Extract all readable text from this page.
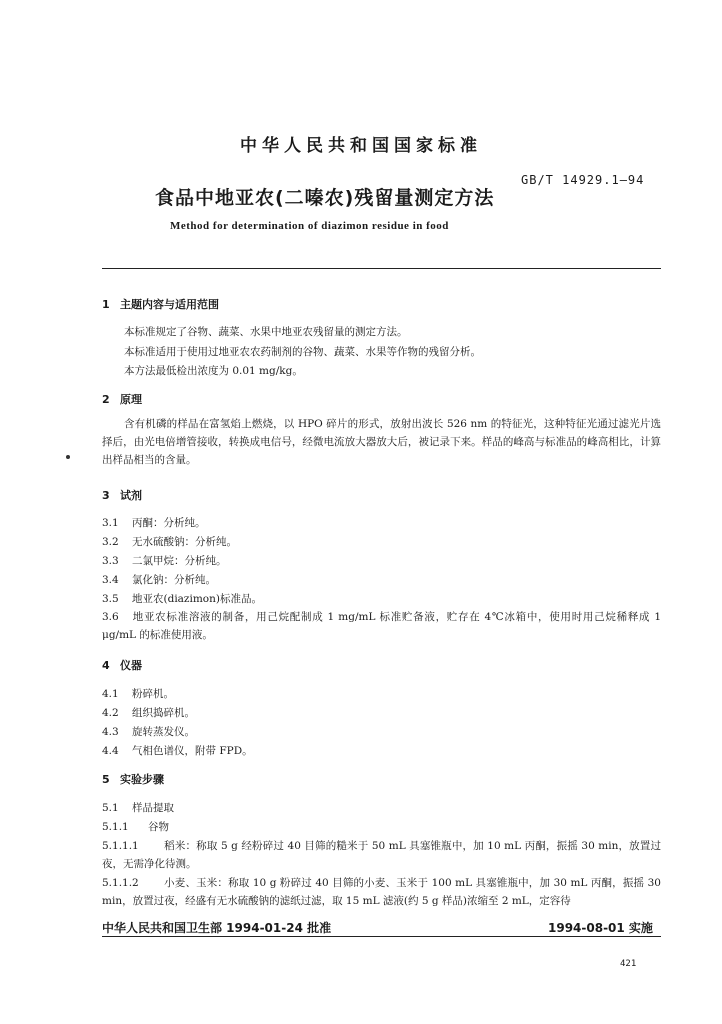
中华人民共和国国家标准
GB/T 14929.1—94
食品中地亚农(二嗪农)残留量测定方法
Method for determination of diazimon residue in food
1 主题内容与适用范围
本标准规定了谷物、蔬菜、水果中地亚农残留量的测定方法。
本标准适用于使用过地亚农农药制剂的谷物、蔬菜、水果等作物的残留分析。
本方法最低检出浓度为 0.01 mg/kg。
2 原理
含有机磷的样品在富氢焰上燃烧，以 HPO 碎片的形式，放射出波长 526 nm 的特征光，这种特征光通过滤光片选择后，由光电倍增管接收，转换成电信号，经微电流放大器放大后，被记录下来。样品的峰高与标准品的峰高相比，计算出样品相当的含量。
3 试剂
3.1 丙酮：分析纯。
3.2 无水硫酸钠：分析纯。
3.3 二氯甲烷：分析纯。
3.4 氯化钠：分析纯。
3.5 地亚农(diazimon)标准品。
3.6 地亚农标准溶液的制备，用己烷配制成 1 mg/mL 标准贮备液，贮存在 4℃冰箱中，使用时用己烷稀释成 1 μg/mL 的标准使用液。
4 仪器
4.1 粉碎机。
4.2 组织捣碎机。
4.3 旋转蒸发仪。
4.4 气相色谱仪，附带 FPD。
5 实验步骤
5.1 样品提取
5.1.1 谷物
5.1.1.1 稻米：称取 5 g 经粉碎过 40 目筛的糙米于 50 mL 具塞锥瓶中，加 10 mL 丙酮，振摇 30 min，放置过夜，无需净化待测。
5.1.1.2 小麦、玉米：称取 10 g 粉碎过 40 目筛的小麦、玉米于 100 mL 具塞锥瓶中，加 30 mL 丙酮，振摇 30 min，放置过夜，经盛有无水硫酸钠的滤纸过滤，取 15 mL 滤液(约 5 g 样品)浓缩至 2 mL，定容待
中华人民共和国卫生部 1994-01-24 批准	1994-08-01 实施
421
